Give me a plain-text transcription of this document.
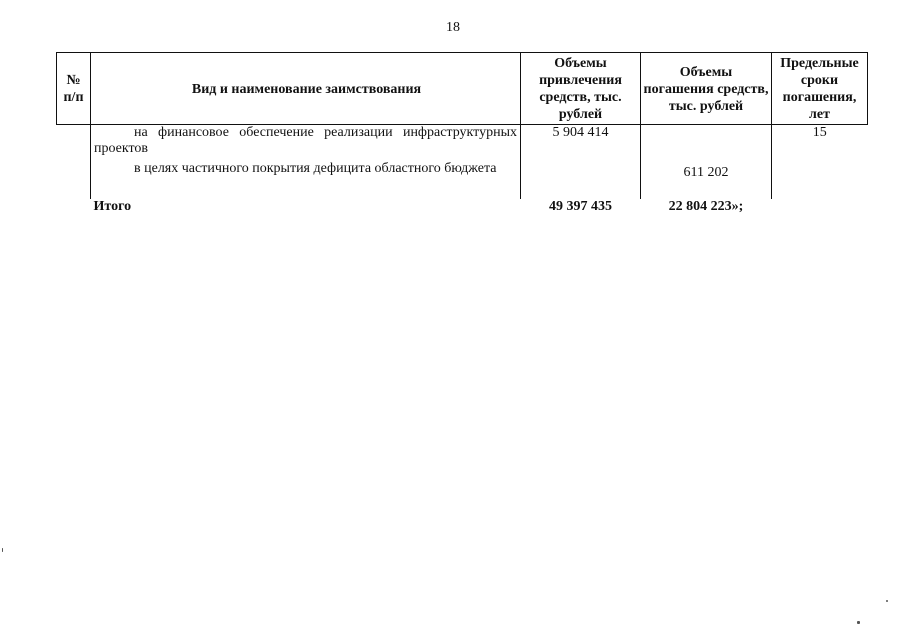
18
№ п/п	Вид и наименование заимствования	Объемы привлечения средств, тыс. рублей	Объемы погашения средств, тыс. рублей	Предельные сроки погашения, лет

	на финансовое обеспечение реализации инфраструктурных проектов	5 904 414		15

	в целях частичного покрытия дефицита областного бюджета		611 202	
	Итого	49 397 435	22 804 223»;	
